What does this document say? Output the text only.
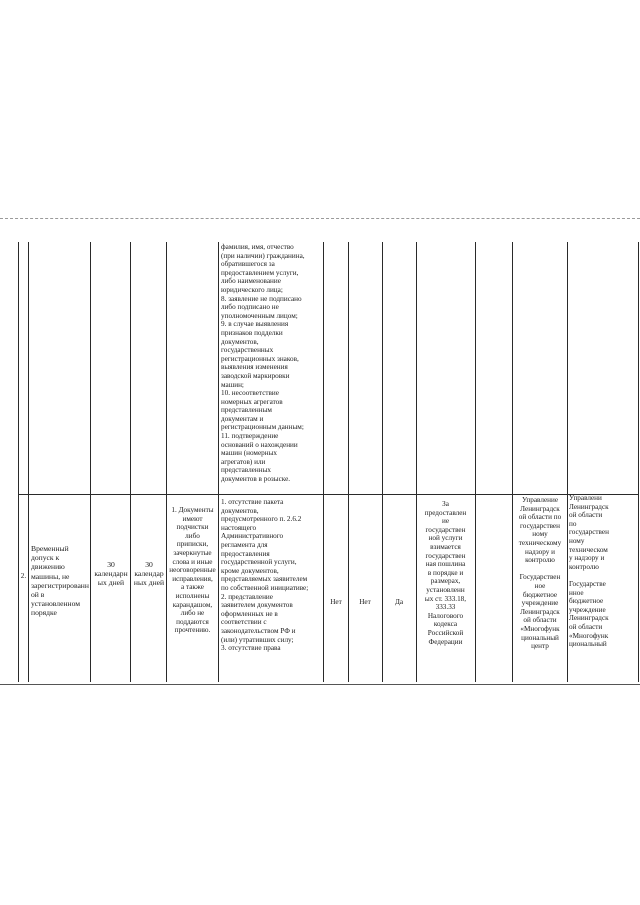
фамилия, имя, отчество
(при наличии) гражданина,
обратившегося за
предоставлением услуги,
либо наименование
юридического лица;
8. заявление не подписано
либо подписано не
уполномоченным лицом;
9. в случае выявления
признаков подделки
документов,
государственных
регистрационных знаков,
выявления изменения
заводской маркировки
машин;
10. несоответствие
номерных агрегатов
представленным
документам и
регистрационным данным;
11. подтверждение
оснований о нахождении
машин (номерных
агрегатов) или
представленных
документов в розыске.
2.
Временный допуск к движению машины, не зарегистрированной в установленном порядке
30 календарных дней
30 календарных дней
1. Документы
имеют
подчистки
либо
приписки,
зачеркнутые
слова и иные
неоговоренные
исправления,
а также
исполнены
карандашом,
либо не
поддаются
прочтению.
1. отсутствие пакета
документов,
предусмотренного п. 2.6.2
настоящего
Административного
регламента для
предоставления
государственной услуги,
кроме документов,
представляемых заявителем
по собственной инициативе;
2. представление
заявителем документов
оформленных не в
соответствии с
законодательством РФ и
(или) утративших силу;
3. отсутствие права
Нет	Нет	Да
За
предоставлен
ие
государствен
ной услуги
взимается
государствен
ная пошлина
в порядке и
размерах,
установленн
ых ст. 333.18,
333.33
Налогового
кодекса
Российской
Федерации
Управление
Ленинградск
ой области по
государствен
ному
техническому
надзору и
контролю

Государствен
ное
бюджетное
учреждение
Ленинградск
ой области
«Многофунк
циональный
центр
Управлени
Ленинградск
ой области
по
государствен
ному
техническом
у надзору и
контролю

Государстве
нное
бюджетное
учреждение
Ленинградск
ой области
«Многофунк
циональный
